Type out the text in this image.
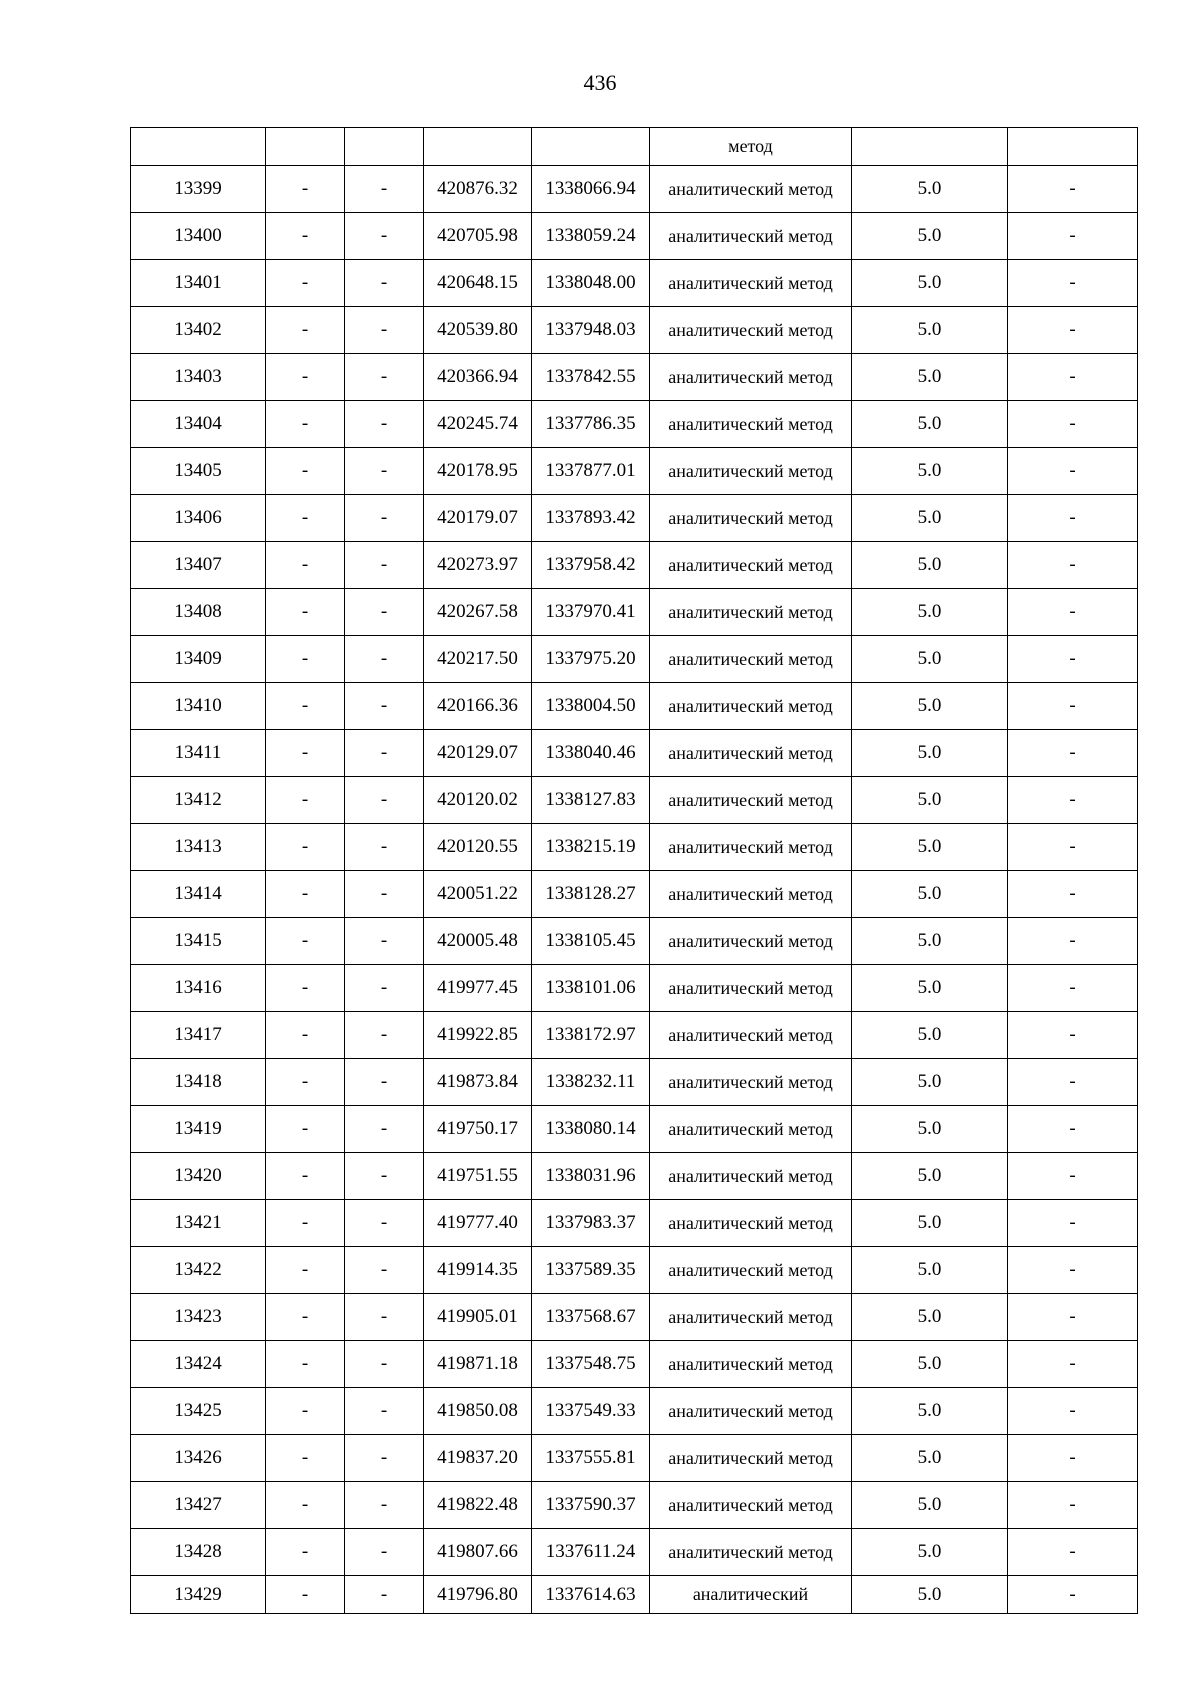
436

					метод		

13399	-	-	420876.32	1338066.94	аналитический метод	5.0	-
13400	-	-	420705.98	1338059.24	аналитический метод	5.0	-
13401	-	-	420648.15	1338048.00	аналитический метод	5.0	-
13402	-	-	420539.80	1337948.03	аналитический метод	5.0	-
13403	-	-	420366.94	1337842.55	аналитический метод	5.0	-
13404	-	-	420245.74	1337786.35	аналитический метод	5.0	-
13405	-	-	420178.95	1337877.01	аналитический метод	5.0	-
13406	-	-	420179.07	1337893.42	аналитический метод	5.0	-
13407	-	-	420273.97	1337958.42	аналитический метод	5.0	-
13408	-	-	420267.58	1337970.41	аналитический метод	5.0	-
13409	-	-	420217.50	1337975.20	аналитический метод	5.0	-
13410	-	-	420166.36	1338004.50	аналитический метод	5.0	-
13411	-	-	420129.07	1338040.46	аналитический метод	5.0	-
13412	-	-	420120.02	1338127.83	аналитический метод	5.0	-
13413	-	-	420120.55	1338215.19	аналитический метод	5.0	-
13414	-	-	420051.22	1338128.27	аналитический метод	5.0	-
13415	-	-	420005.48	1338105.45	аналитический метод	5.0	-
13416	-	-	419977.45	1338101.06	аналитический метод	5.0	-
13417	-	-	419922.85	1338172.97	аналитический метод	5.0	-
13418	-	-	419873.84	1338232.11	аналитический метод	5.0	-
13419	-	-	419750.17	1338080.14	аналитический метод	5.0	-
13420	-	-	419751.55	1338031.96	аналитический метод	5.0	-
13421	-	-	419777.40	1337983.37	аналитический метод	5.0	-
13422	-	-	419914.35	1337589.35	аналитический метод	5.0	-
13423	-	-	419905.01	1337568.67	аналитический метод	5.0	-
13424	-	-	419871.18	1337548.75	аналитический метод	5.0	-
13425	-	-	419850.08	1337549.33	аналитический метод	5.0	-
13426	-	-	419837.20	1337555.81	аналитический метод	5.0	-
13427	-	-	419822.48	1337590.37	аналитический метод	5.0	-
13428	-	-	419807.66	1337611.24	аналитический метод	5.0	-
13429	-	-	419796.80	1337614.63	аналитический	5.0	-
